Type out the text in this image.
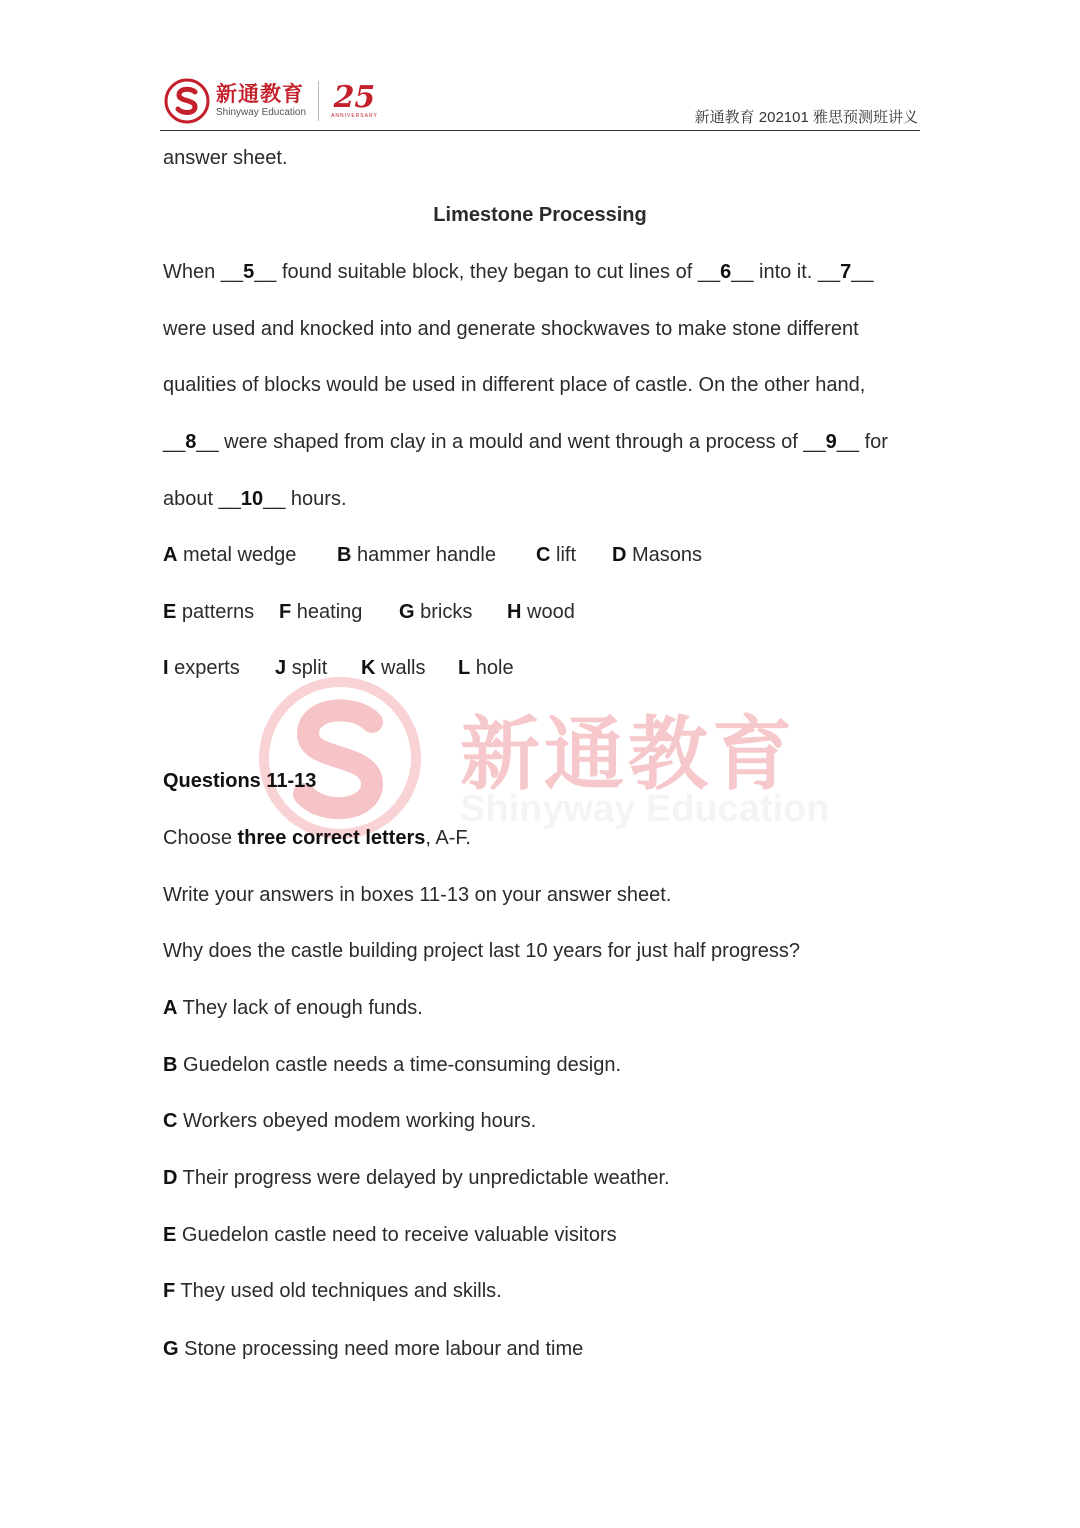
新通教育
Shinyway Education 25
ANNIVERSARY	新通教育 202101 雅思预测班讲义
新通教育
Shinyway Education
answer sheet.
Limestone Processing
When __5__ found suitable block, they began to cut lines of __6__ into it. __7__
were used and knocked into and generate shockwaves to make stone different
qualities of blocks would be used in different place of castle. On the other hand,
__8__ were shaped from clay in a mould and went through a process of __9__ for
about __10__ hours.
A metal wedge B hammer handle C lift D Masons
E patterns F heating G bricks H wood
I experts J split K walls L hole
Questions 11-13
Choose three correct letters, A-F.
Write your answers in boxes 11-13 on your answer sheet.
Why does the castle building project last 10 years for just half progress?
A They lack of enough funds.
B Guedelon castle needs a time-consuming design.
C Workers obeyed modem working hours.
D Their progress were delayed by unpredictable weather.
E Guedelon castle need to receive valuable visitors
F They used old techniques and skills.
G Stone processing need more labour and time
